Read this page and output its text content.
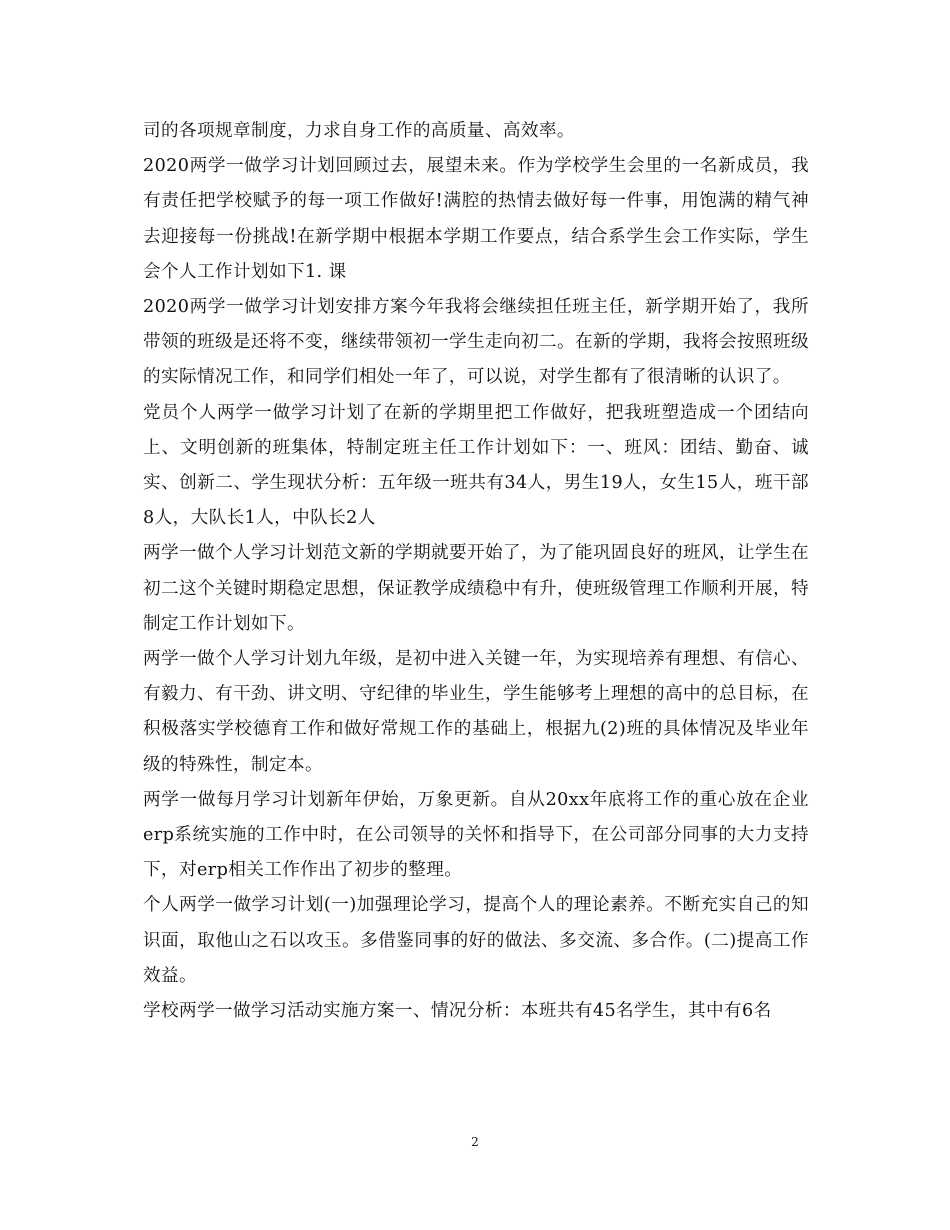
司的各项规章制度，力求自身工作的高质量、高效率。

2020两学一做学习计划回顾过去，展望未来。作为学校学生会里的一名新成员，我有责任把学校赋予的每一项工作做好!满腔的热情去做好每一件事，用饱满的精气神去迎接每一份挑战!在新学期中根据本学期工作要点，结合系学生会工作实际，学生会个人工作计划如下1. 课

2020两学一做学习计划安排方案今年我将会继续担任班主任，新学期开始了，我所带领的班级是还将不变，继续带领初一学生走向初二。在新的学期，我将会按照班级的实际情况工作，和同学们相处一年了，可以说，对学生都有了很清晰的认识了。

党员个人两学一做学习计划了在新的学期里把工作做好，把我班塑造成一个团结向上、文明创新的班集体，特制定班主任工作计划如下：一、班风：团结、勤奋、诚实、创新二、学生现状分析：五年级一班共有34人，男生19人，女生15人，班干部8人，大队长1人，中队长2人

两学一做个人学习计划范文新的学期就要开始了，为了能巩固良好的班风，让学生在初二这个关键时期稳定思想，保证教学成绩稳中有升，使班级管理工作顺利开展，特制定工作计划如下。

两学一做个人学习计划九年级，是初中进入关键一年，为实现培养有理想、有信心、有毅力、有干劲、讲文明、守纪律的毕业生，学生能够考上理想的高中的总目标，在积极落实学校德育工作和做好常规工作的基础上，根据九(2)班的具体情况及毕业年级的特殊性，制定本。

两学一做每月学习计划新年伊始，万象更新。自从20xx年底将工作的重心放在企业erp系统实施的工作中时，在公司领导的关怀和指导下，在公司部分同事的大力支持下，对erp相关工作作出了初步的整理。

个人两学一做学习计划(一)加强理论学习，提高个人的理论素养。不断充实自己的知识面，取他山之石以攻玉。多借鉴同事的好的做法、多交流、多合作。(二)提高工作效益。

学校两学一做学习活动实施方案一、情况分析：本班共有45名学生，其中有6名

2
